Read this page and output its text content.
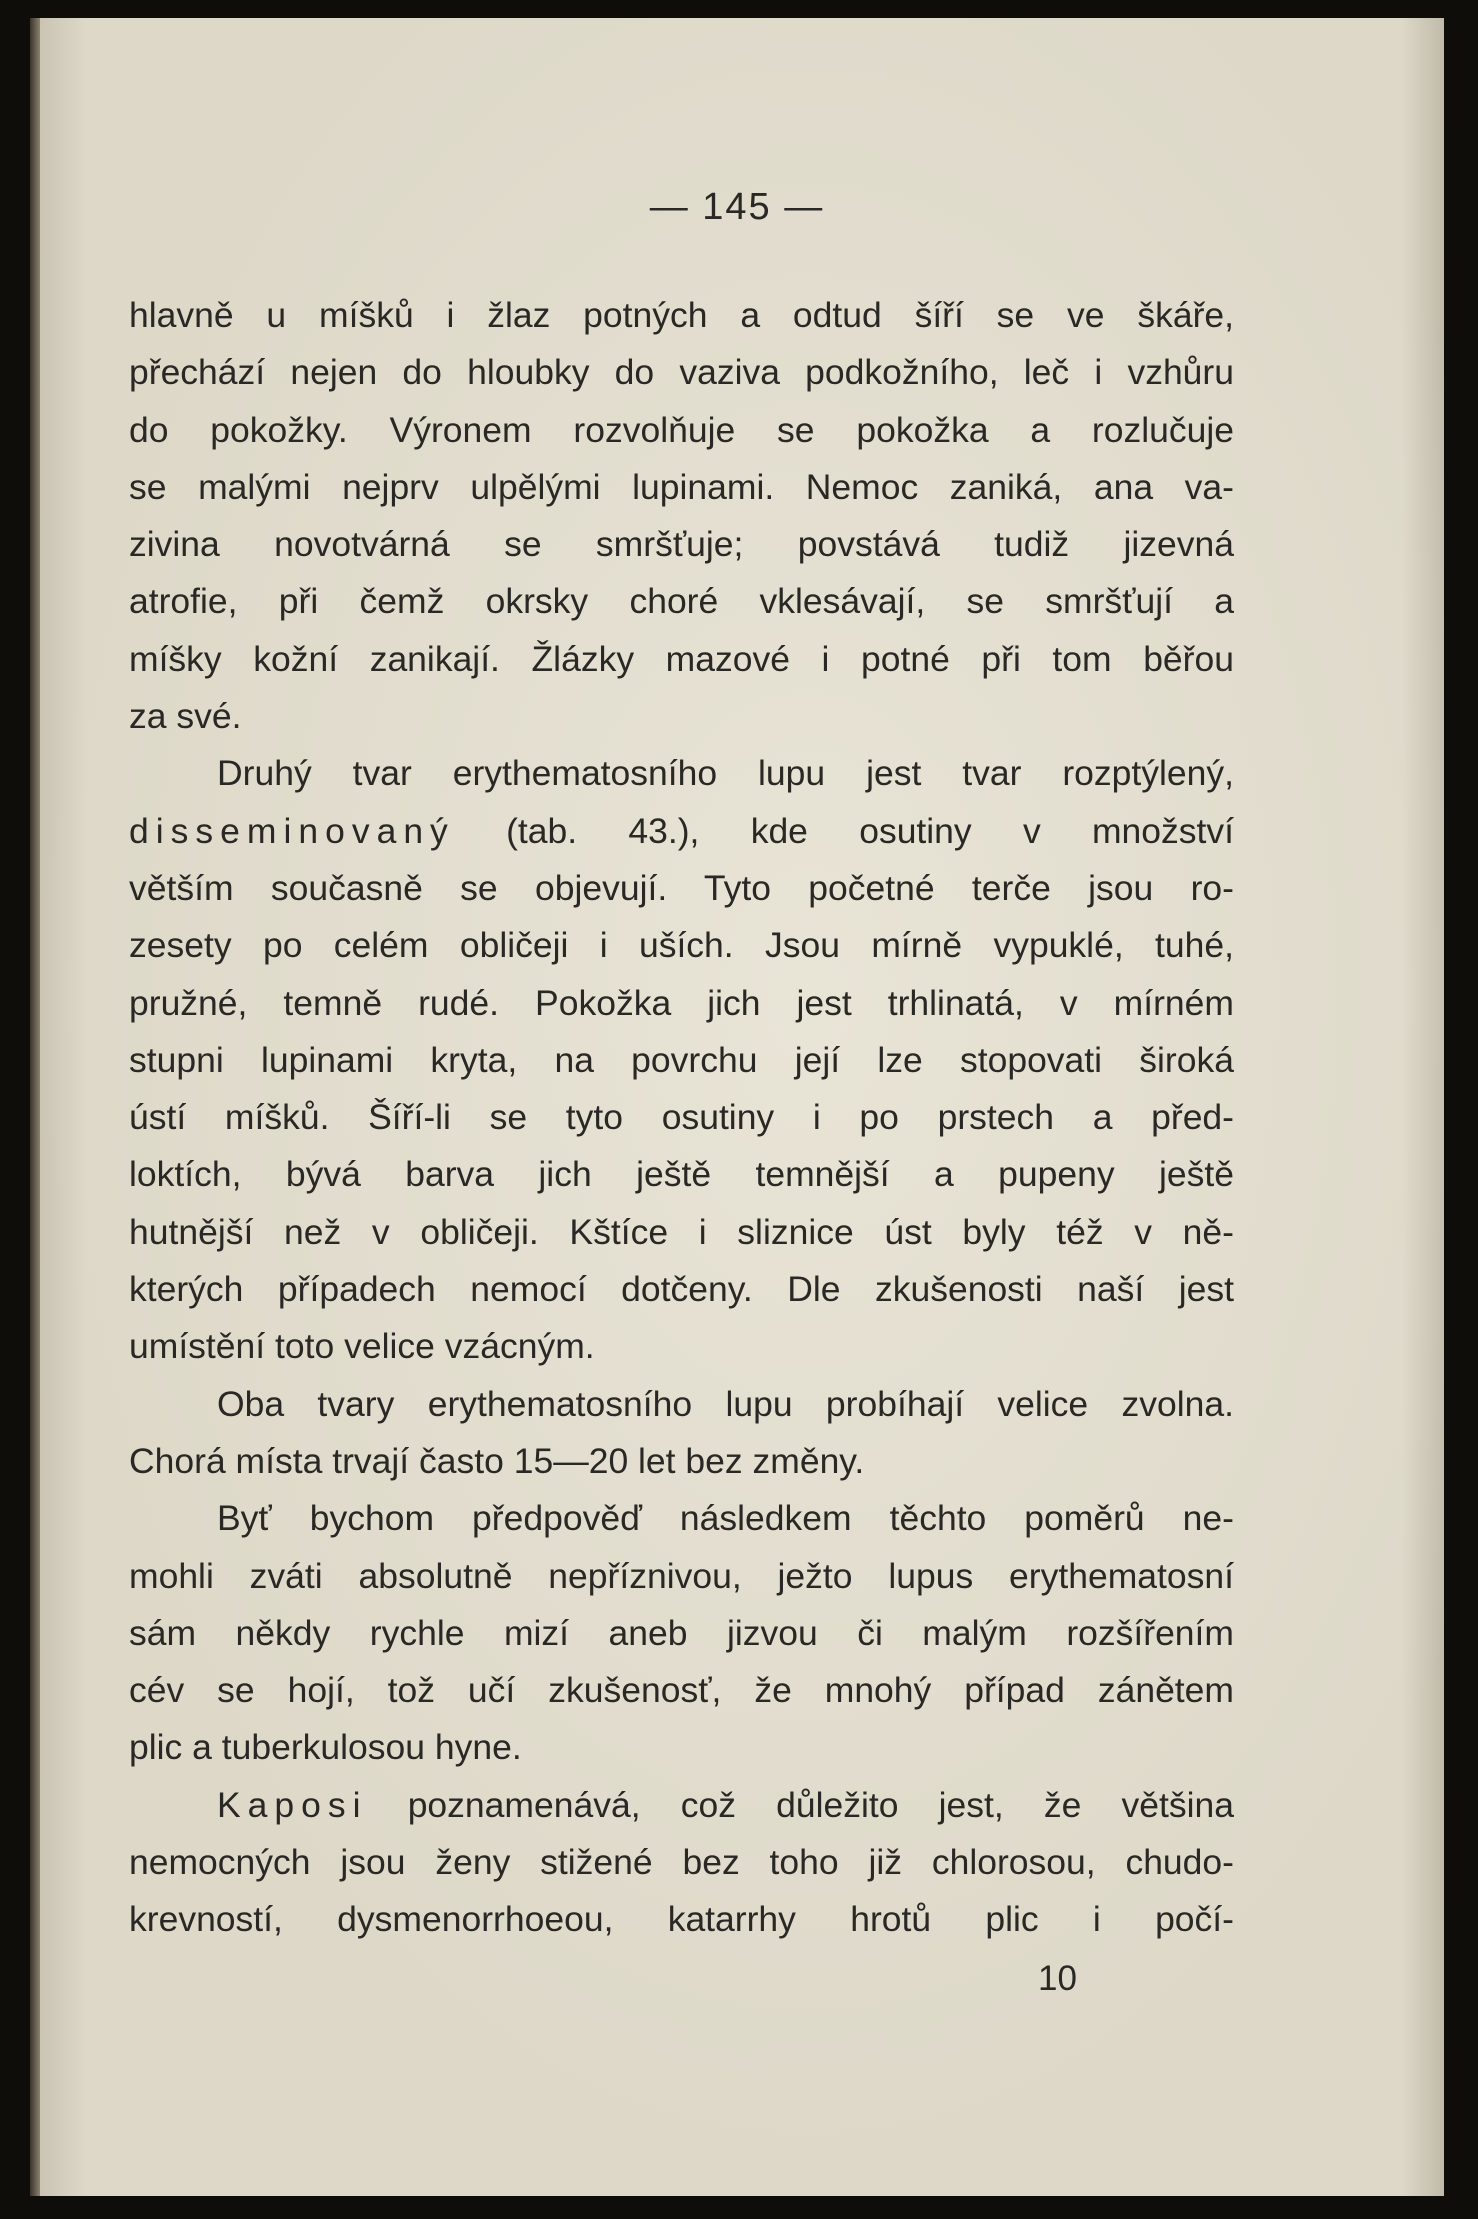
— 145 —
hlavně u míšků i žlaz potných a odtud šíří se ve škáře,
přechází nejen do hloubky do vaziva podkožního, leč i vzhůru
do pokožky. Výronem rozvolňuje se pokožka a rozlučuje
se malými nejprv ulpělými lupinami. Nemoc zaniká, ana va-
zivina novotvárná se smršťuje; povstává tudiž jizevná
atrofie, při čemž okrsky choré vklesávají, se smršťují a
míšky kožní zanikají. Žlázky mazové i potné při tom běřou
za své.
Druhý tvar erythematosního lupu jest tvar rozptýlený,
disseminovaný (tab. 43.), kde osutiny v množství
větším současně se objevují. Tyto početné terče jsou ro-
zesety po celém obličeji i uších. Jsou mírně vypuklé, tuhé,
pružné, temně rudé. Pokožka jich jest trhlinatá, v mírném
stupni lupinami kryta, na povrchu její lze stopovati široká
ústí míšků. Šíří-li se tyto osutiny i po prstech a před-
loktích, bývá barva jich ještě temnější a pupeny ještě
hutnější než v obličeji. Kštíce i sliznice úst byly též v ně-
kterých případech nemocí dotčeny. Dle zkušenosti naší jest
umístění toto velice vzácným.
Oba tvary erythematosního lupu probíhají velice zvolna.
Chorá místa trvají často 15—20 let bez změny.
Byť bychom předpověď následkem těchto poměrů ne-
mohli zváti absolutně nepříznivou, ježto lupus erythematosní
sám někdy rychle mizí aneb jizvou či malým rozšířením
cév se hojí, tož učí zkušenosť, že mnohý případ zánětem
plic a tuberkulosou hyne.
Kaposi poznamenává, což důležito jest, že většina
nemocných jsou ženy stižené bez toho již chlorosou, chudo-
krevností, dysmenorrhoeou, katarrhy hrotů plic i počí-
10
